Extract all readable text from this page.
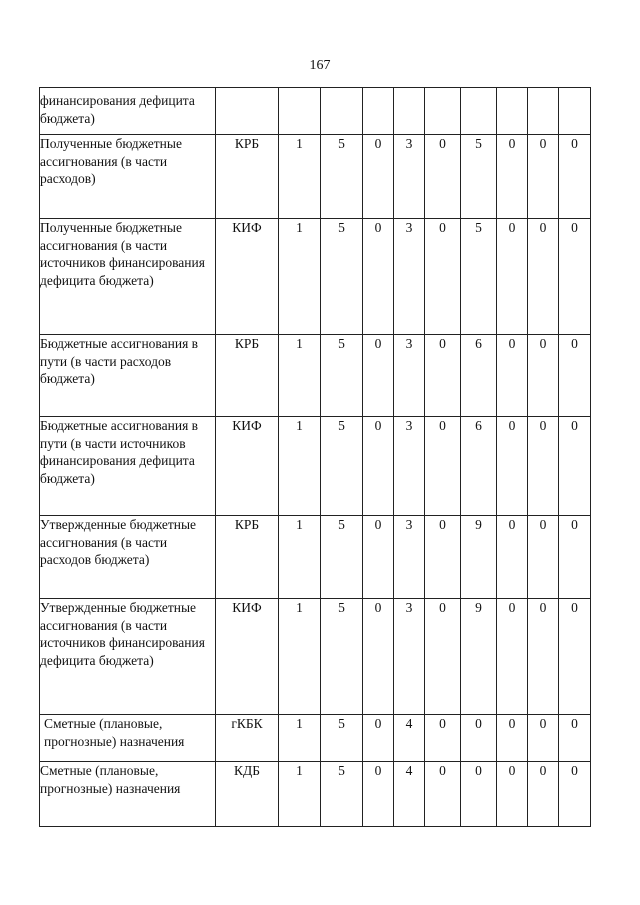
167
финансирования дефицита бюджета)										
Полученные бюджетные ассигнования (в части расходов)	КРБ	1	5	0	3	0	5	0	0	0
Полученные бюджетные ассигнования (в части источников финансирования дефицита бюджета)	КИФ	1	5	0	3	0	5	0	0	0
Бюджетные ассигнования в пути (в части расходов бюджета)	КРБ	1	5	0	3	0	6	0	0	0
Бюджетные ассигнования в пути (в части источников финансирования дефицита бюджета)	КИФ	1	5	0	3	0	6	0	0	0
Утвержденные бюджетные ассигнования (в части расходов бюджета)	КРБ	1	5	0	3	0	9	0	0	0
Утвержденные бюджетные ассигнования (в части источников финансирования дефицита бюджета)	КИФ	1	5	0	3	0	9	0	0	0
Сметные (плановые, прогнозные) назначения	гКБК	1	5	0	4	0	0	0	0	0
Сметные (плановые, прогнозные) назначения	КДБ	1	5	0	4	0	0	0	0	0
